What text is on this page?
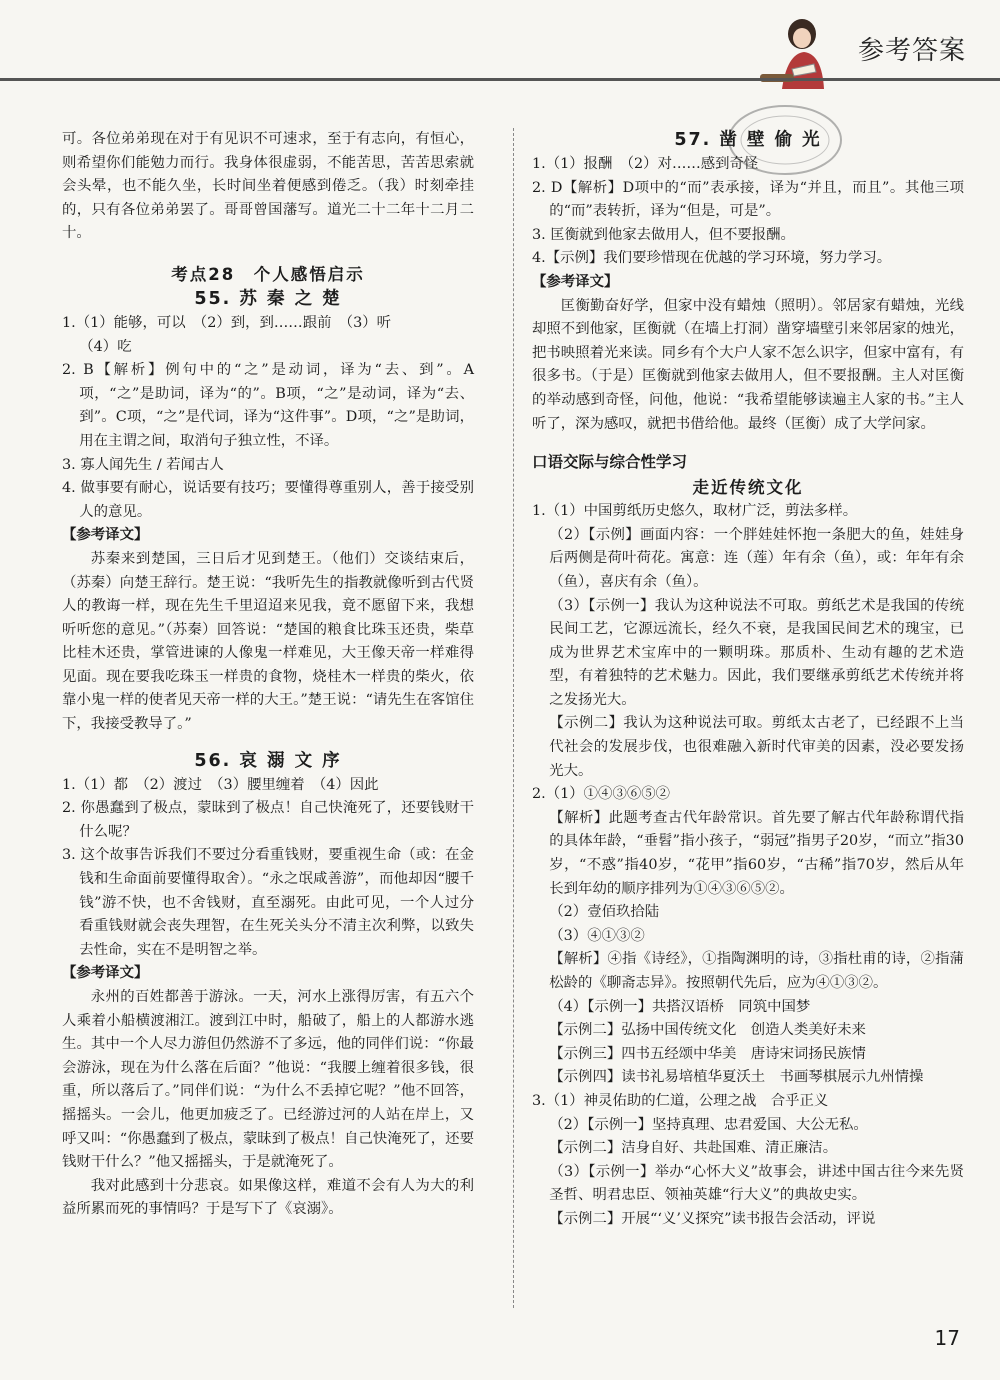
参考答案

可。各位弟弟现在对于有见识不可速求，至于有志向，有恒心，则希望你们能勉力而行。我身体很虚弱，不能苦思，苦苦思索就会头晕，也不能久坐，长时间坐着便感到倦乏。（我）时刻牵挂的，只有各位弟弟罢了。哥哥曾国藩写。道光二十二年十二月二十。

考点28　个人感悟启示
55. 苏 秦 之 楚

1.（1）能够，可以　（2）到，到……跟前　（3）听

（4）吃

2. B【解析】例句中的“之”是动词，译为“去、到”。A项，“之”是助词，译为“的”。B项，“之”是动词，译为“去、到”。C项，“之”是代词，译为“这件事”。D项，“之”是助词，用在主谓之间，取消句子独立性，不译。

3. 寡人闻先生 / 若闻古人

4. 做事要有耐心，说话要有技巧；要懂得尊重别人，善于接受别人的意见。

【参考译文】

苏秦来到楚国，三日后才见到楚王。（他们）交谈结束后，（苏秦）向楚王辞行。楚王说：“我听先生的指教就像听到古代贤人的教诲一样，现在先生千里迢迢来见我，竟不愿留下来，我想听听您的意见。”（苏秦）回答说：“楚国的粮食比珠玉还贵，柴草比桂木还贵，掌管进谏的人像鬼一样难见，大王像天帝一样难得见面。现在要我吃珠玉一样贵的食物，烧桂木一样贵的柴火，依靠小鬼一样的使者见天帝一样的大王。”楚王说：“请先生在客馆住下，我接受教导了。”

56. 哀 溺 文 序

1.（1）都　（2）渡过　（3）腰里缠着　（4）因此

2. 你愚蠢到了极点，蒙昧到了极点！自己快淹死了，还要钱财干什么呢？

3. 这个故事告诉我们不要过分看重钱财，要重视生命（或：在金钱和生命面前要懂得取舍）。“永之氓咸善游”，而他却因“腰千钱”游不快，也不舍钱财，直至溺死。由此可见，一个人过分看重钱财就会丧失理智，在生死关头分不清主次利弊，以致失去性命，实在不是明智之举。

【参考译文】

永州的百姓都善于游泳。一天，河水上涨得厉害，有五六个人乘着小船横渡湘江。渡到江中时，船破了，船上的人都游水逃生。其中一个人尽力游但仍然游不了多远，他的同伴们说：“你最会游泳，现在为什么落在后面？”他说：“我腰上缠着很多钱，很重，所以落后了。”同伴们说：“为什么不丢掉它呢？”他不回答，摇摇头。一会儿，他更加疲乏了。已经游过河的人站在岸上，又呼又叫：“你愚蠢到了极点，蒙昧到了极点！自己快淹死了，还要钱财干什么？”他又摇摇头，于是就淹死了。

我对此感到十分悲哀。如果像这样，难道不会有人为大的利益所累而死的事情吗？于是写下了《哀溺》。

57. 凿 壁 偷 光

1.（1）报酬　（2）对……感到奇怪

2. D【解析】D项中的“而”表承接，译为“并且，而且”。其他三项的“而”表转折，译为“但是，可是”。

3. 匡衡就到他家去做用人，但不要报酬。

4.【示例】我们要珍惜现在优越的学习环境，努力学习。

【参考译文】

匡衡勤奋好学，但家中没有蜡烛（照明）。邻居家有蜡烛，光线却照不到他家，匡衡就（在墙上打洞）凿穿墙壁引来邻居家的烛光，把书映照着光来读。同乡有个大户人家不怎么识字，但家中富有，有很多书。（于是）匡衡就到他家去做用人，但不要报酬。主人对匡衡的举动感到奇怪，问他，他说：“我希望能够读遍主人家的书。”主人听了，深为感叹，就把书借给他。最终（匡衡）成了大学问家。

口语交际与综合性学习
走近传统文化

1.（1）中国剪纸历史悠久，取材广泛，剪法多样。

（2）【示例】画面内容：一个胖娃娃怀抱一条肥大的鱼，娃娃身后两侧是荷叶荷花。寓意：连（莲）年有余（鱼），或：年年有余（鱼），喜庆有余（鱼）。

（3）【示例一】我认为这种说法不可取。剪纸艺术是我国的传统民间工艺，它源远流长，经久不衰，是我国民间艺术的瑰宝，已成为世界艺术宝库中的一颗明珠。那质朴、生动有趣的艺术造型，有着独特的艺术魅力。因此，我们要继承剪纸艺术传统并将之发扬光大。

【示例二】我认为这种说法可取。剪纸太古老了，已经跟不上当代社会的发展步伐，也很难融入新时代审美的因素，没必要发扬光大。

2.（1）①④③⑥⑤②

【解析】此题考查古代年龄常识。首先要了解古代年龄称谓代指的具体年龄，“垂髫”指小孩子，“弱冠”指男子20岁，“而立”指30岁，“不惑”指40岁，“花甲”指60岁，“古稀”指70岁，然后从年长到年幼的顺序排列为①④③⑥⑤②。

（2）壹佰玖拾陆

（3）④①③②

【解析】④指《诗经》，①指陶渊明的诗，③指杜甫的诗，②指蒲松龄的《聊斋志异》。按照朝代先后，应为④①③②。

（4）【示例一】共搭汉语桥　同筑中国梦

【示例二】弘扬中国传统文化　创造人类美好未来

【示例三】四书五经颂中华美　唐诗宋词扬民族情

【示例四】读书礼易培植华夏沃土　书画琴棋展示九州情操

3.（1）神灵佑助的仁道，公理之战　合乎正义

（2）【示例一】坚持真理、忠君爱国、大公无私。

【示例二】洁身自好、共赴国难、清正廉洁。

（3）【示例一】举办“心怀大义”故事会，讲述中国古往今来先贤圣哲、明君忠臣、领袖英雄“行大义”的典故史实。

【示例二】开展“‘义’义探究”读书报告会活动，评说

17
